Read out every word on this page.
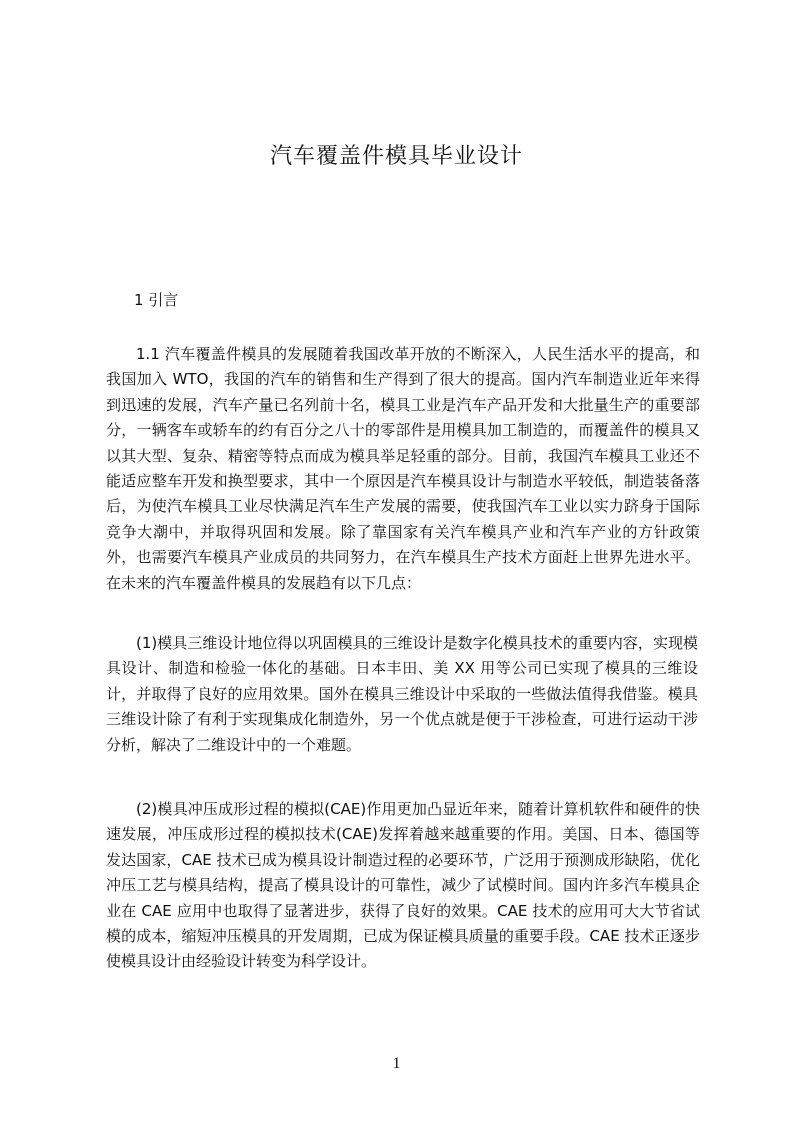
汽车覆盖件模具毕业设计
1 引言

1.1 汽车覆盖件模具的发展随着我国改革开放的不断深入，人民生活水平的提高，和我国加入 WTO，我国的汽车的销售和生产得到了很大的提高。国内汽车制造业近年来得到迅速的发展，汽车产量已名列前十名，模具工业是汽车产品开发和大批量生产的重要部分，一辆客车或轿车的约有百分之八十的零部件是用模具加工制造的，而覆盖件的模具又以其大型、复杂、精密等特点而成为模具举足轻重的部分。目前，我国汽车模具工业还不能适应整车开发和换型要求，其中一个原因是汽车模具设计与制造水平较低，制造装备落后，为使汽车模具工业尽快满足汽车生产发展的需要，使我国汽车工业以实力跻身于国际竞争大潮中，并取得巩固和发展。除了靠国家有关汽车模具产业和汽车产业的方针政策外，也需要汽车模具产业成员的共同努力，在汽车模具生产技术方面赶上世界先进水平。在未来的汽车覆盖件模具的发展趋有以下几点：

(1)模具三维设计地位得以巩固模具的三维设计是数字化模具技术的重要内容，实现模具设计、制造和检验一体化的基础。日本丰田、美 XX 用等公司已实现了模具的三维设计，并取得了良好的应用效果。国外在模具三维设计中采取的一些做法值得我借鉴。模具三维设计除了有利于实现集成化制造外，另一个优点就是便于干涉检查，可进行运动干涉分析，解决了二维设计中的一个难题。

(2)模具冲压成形过程的模拟(CAE)作用更加凸显近年来，随着计算机软件和硬件的快速发展，冲压成形过程的模拟技术(CAE)发挥着越来越重要的作用。美国、日本、德国等发达国家，CAE 技术已成为模具设计制造过程的必要环节，广泛用于预测成形缺陷，优化冲压工艺与模具结构，提高了模具设计的可靠性，减少了试模时间。国内许多汽车模具企业在 CAE 应用中也取得了显著进步，获得了良好的效果。CAE 技术的应用可大大节省试模的成本，缩短冲压模具的开发周期，已成为保证模具质量的重要手段。CAE 技术正逐步使模具设计由经验设计转变为科学设计。

1
